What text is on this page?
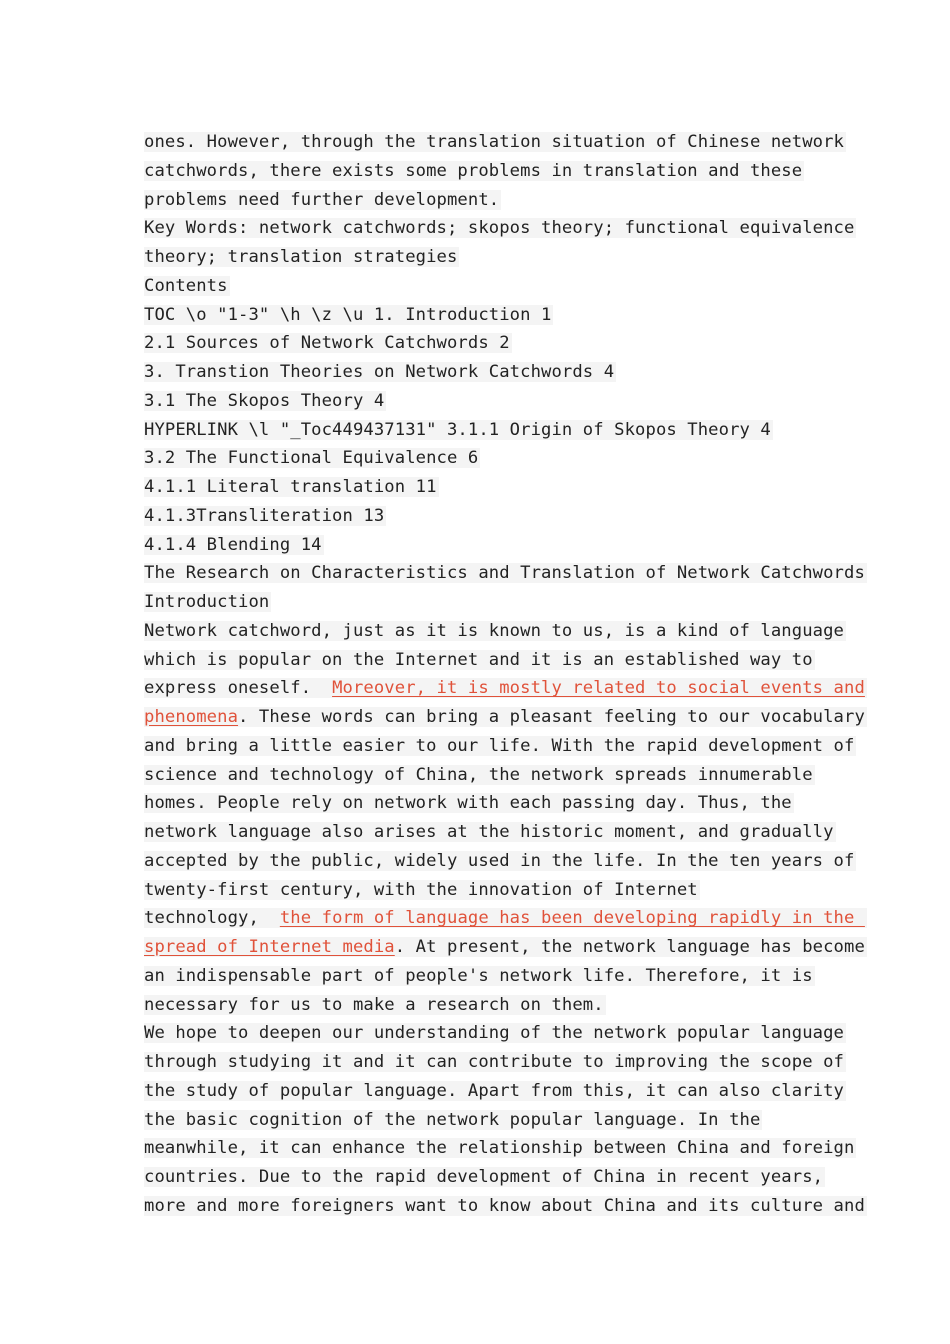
ones. However, through the translation situation of Chinese network
catchwords, there exists some problems in translation and these
problems need further development.
Key Words: network catchwords; skopos theory; functional equivalence
theory; translation strategies
Contents
TOC \o "1-3" \h \z \u 1. Introduction 1
2.1 Sources of Network Catchwords 2
3. Transtion Theories on Network Catchwords 4
3.1 The Skopos Theory 4
HYPERLINK \l "_Toc449437131" 3.1.1 Origin of Skopos Theory 4
3.2 The Functional Equivalence 6
4.1.1 Literal translation 11
4.1.3Transliteration 13
4.1.4 Blending 14
The Research on Characteristics and Translation of Network Catchwords
Introduction
Network catchword, just as it is known to us, is a kind of language
which is popular on the Internet and it is an established way to
express oneself.  Moreover, it is mostly related to social events and
phenomena. These words can bring a pleasant feeling to our vocabulary
and bring a little easier to our life. With the rapid development of
science and technology of China, the network spreads innumerable
homes. People rely on network with each passing day. Thus, the
network language also arises at the historic moment, and gradually
accepted by the public, widely used in the life. In the ten years of
twenty-first century, with the innovation of Internet
technology,  the form of language has been developing rapidly in the
spread of Internet media. At present, the network language has become
an indispensable part of people's network life. Therefore, it is
necessary for us to make a research on them.
We hope to deepen our understanding of the network popular language
through studying it and it can contribute to improving the scope of
the study of popular language. Apart from this, it can also clarity
the basic cognition of the network popular language. In the
meanwhile, it can enhance the relationship between China and foreign
countries. Due to the rapid development of China in recent years,
more and more foreigners want to know about China and its culture and
